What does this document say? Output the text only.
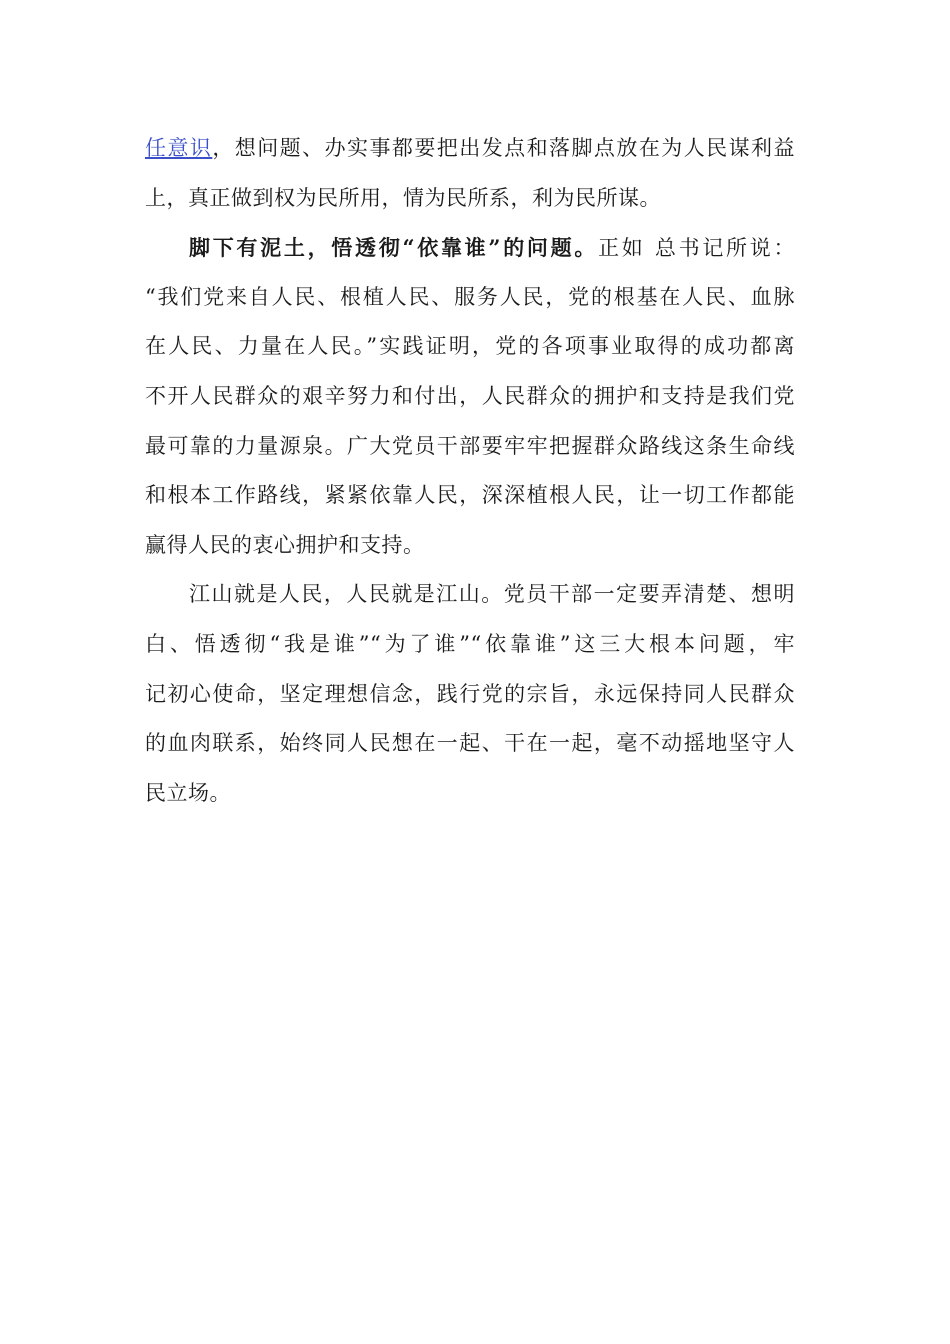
任意识，想问题、办实事都要把出发点和落脚点放在为人民谋利益
上，真正做到权为民所用，情为民所系，利为民所谋。
脚下有泥土，悟透彻“依靠谁”的问题。正如 总书记所说：
“我们党来自人民、根植人民、服务人民，党的根基在人民、血脉
在人民、力量在人民。”实践证明，党的各项事业取得的成功都离
不开人民群众的艰辛努力和付出，人民群众的拥护和支持是我们党
最可靠的力量源泉。广大党员干部要牢牢把握群众路线这条生命线
和根本工作路线，紧紧依靠人民，深深植根人民，让一切工作都能
赢得人民的衷心拥护和支持。
江山就是人民，人民就是江山。党员干部一定要弄清楚、想明
白、悟透彻“我是谁”“为了谁”“依靠谁”这三大根本问题，牢
记初心使命，坚定理想信念，践行党的宗旨，永远保持同人民群众
的血肉联系，始终同人民想在一起、干在一起，毫不动摇地坚守人
民立场。
